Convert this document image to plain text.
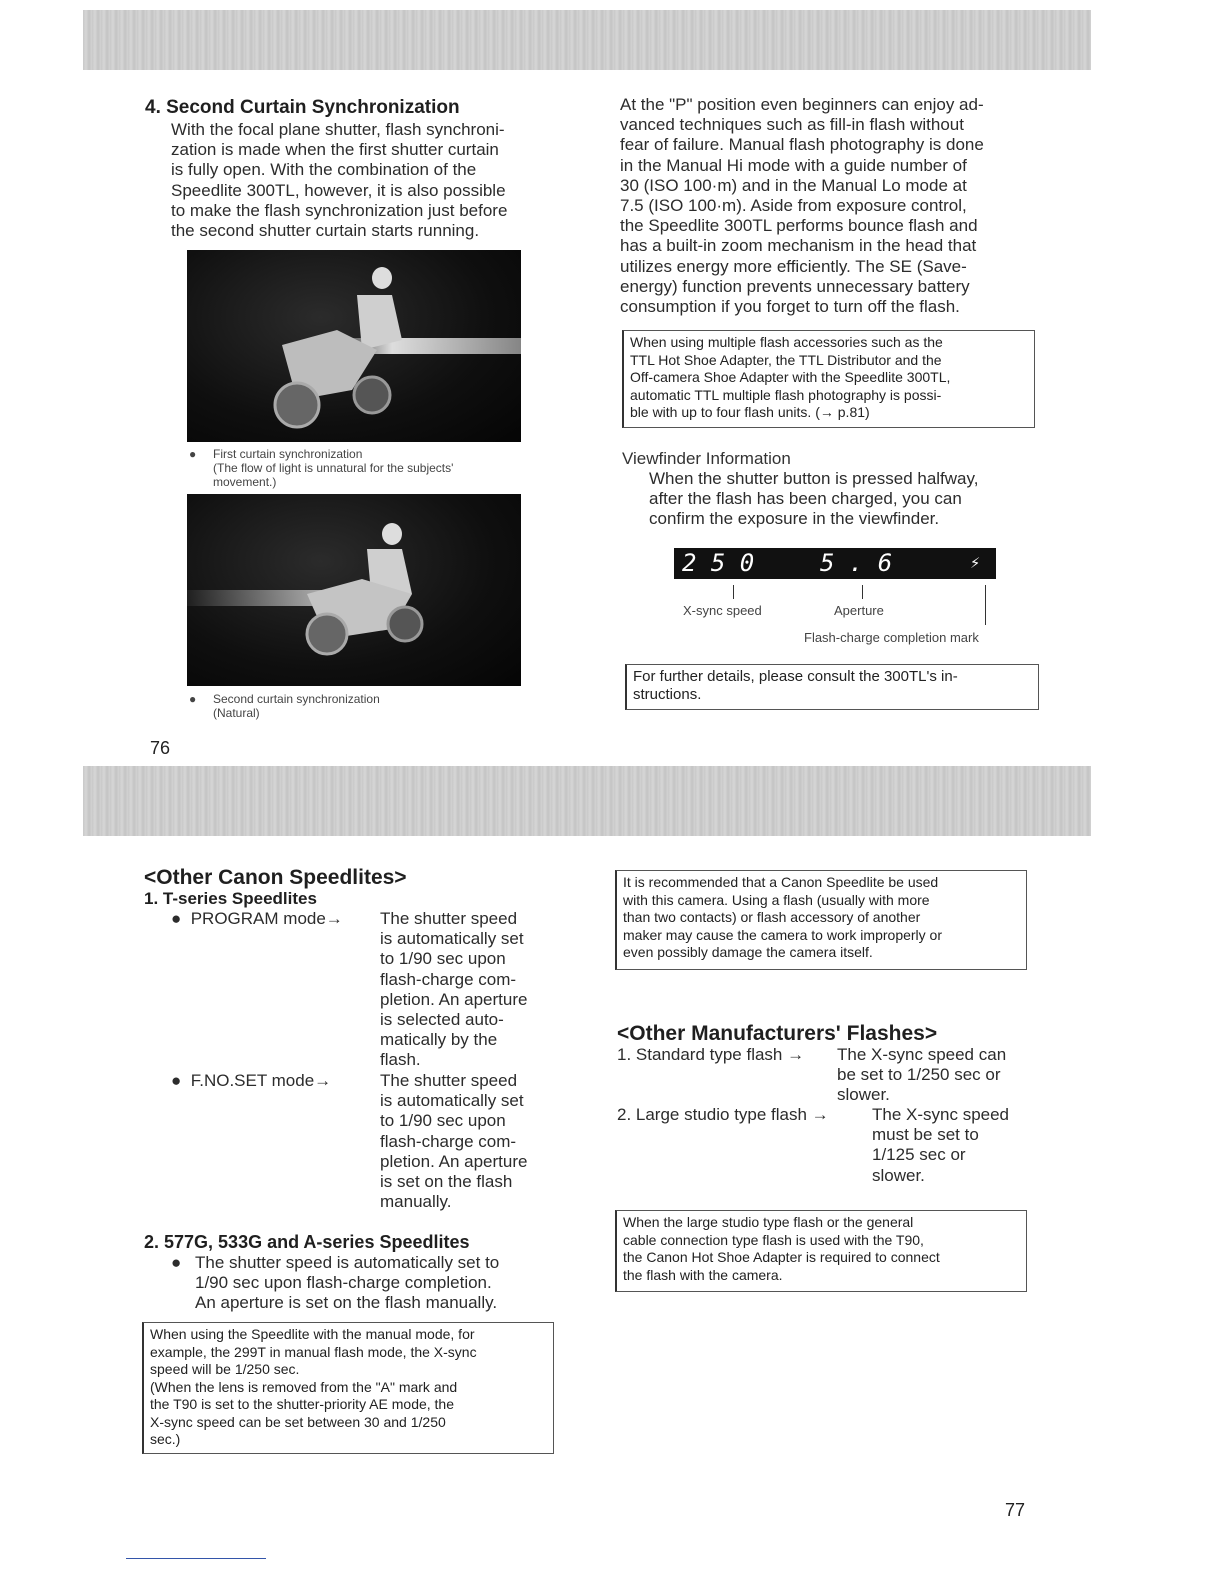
4. Second Curtain Synchronization

With the focal plane shutter, flash synchroni-

zation is made when the first shutter curtain

is fully open. With the combination of the

Speedlite 300TL, however, it is also possible

to make the flash synchronization just before

the second shutter curtain starts running.

● First curtain synchronization
(The flow of light is unnatural for the subjects'
movement.)
● Second curtain synchronization
(Natural)
76

At the "P" position even beginners can enjoy ad-

vanced techniques such as fill-in flash without

fear of failure. Manual flash photography is done

in the Manual Hi mode with a guide number of

30 (ISO 100·m) and in the Manual Lo mode at

7.5 (ISO 100·m). Aside from exposure control,

the Speedlite 300TL performs bounce flash and

has a built-in zoom mechanism in the head that

utilizes energy more efficiently. The SE (Save-

energy) function prevents unnecessary battery

consumption if you forget to turn off the flash.

When using multiple flash accessories such as the
TTL Hot Shoe Adapter, the TTL Distributor and the
Off-camera Shoe Adapter with the Speedlite 300TL,
automatic TTL multiple flash photography is possi-
ble with up to four flash units. (→ p.81)
Viewfinder Information

When the shutter button is pressed halfway,

after the flash has been charged, you can

confirm the exposure in the viewfinder.

2 5 0	5 . 6	⚡
X-sync speed	Aperture
Flash-charge completion mark
For further details, please consult the 300TL's in-
structions.
<Other Canon Speedlites>
1. T-series Speedlites
●  PROGRAM mode→ The shutter speed

is automatically set

to 1/90 sec upon

flash-charge com-

pletion. An aperture

is selected auto-

matically by the

flash.

●  F.NO.SET mode→	The shutter speed

is automatically set

to 1/90 sec upon

flash-charge com-

pletion. An aperture

is set on the flash

manually.

2. 577G, 533G and A-series Speedlites
● The shutter speed is automatically set to

1/90 sec upon flash-charge completion.

An aperture is set on the flash manually.

When using the Speedlite with the manual mode, for
example, the 299T in manual flash mode, the X-sync
speed will be 1/250 sec.
(When the lens is removed from the "A" mark and
the T90 is set to the shutter-priority AE mode, the
X-sync speed can be set between 30 and 1/250
sec.)
It is recommended that a Canon Speedlite be used
with this camera. Using a flash (usually with more
than two contacts) or flash accessory of another
maker may cause the camera to work improperly or
even possibly damage the camera itself.
<Other Manufacturers' Flashes>
1. Standard type flash → The X-sync speed can

be set to 1/250 sec or

slower.

2. Large studio type flash →	The X-sync speed

must be set to

1/125 sec or

slower.

When the large studio type flash or the general
cable connection type flash is used with the T90,
the Canon Hot Shoe Adapter is required to connect
the flash with the camera.
77
